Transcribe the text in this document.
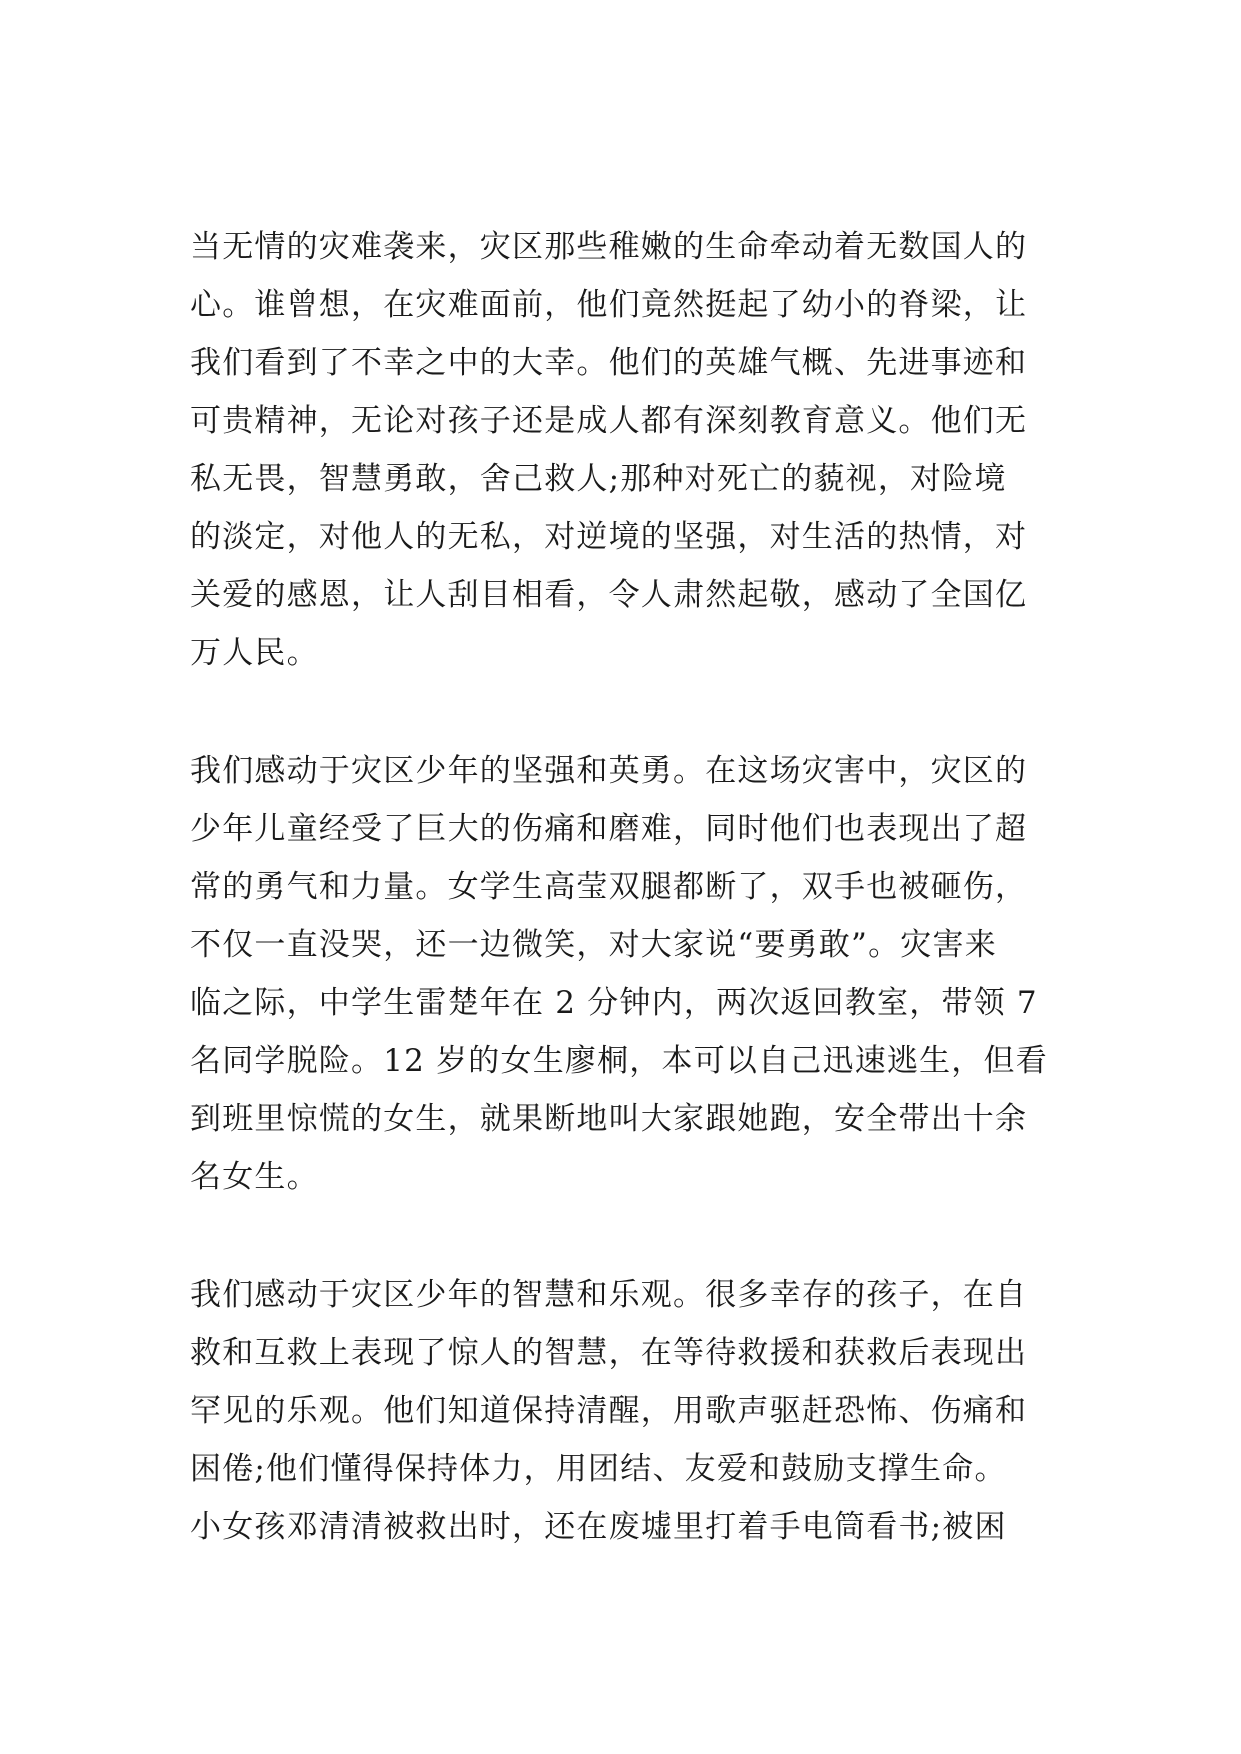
当无情的灾难袭来，灾区那些稚嫩的生命牵动着无数国人的
心。谁曾想，在灾难面前，他们竟然挺起了幼小的脊梁，让
我们看到了不幸之中的大幸。他们的英雄气概、先进事迹和
可贵精神，无论对孩子还是成人都有深刻教育意义。他们无
私无畏，智慧勇敢，舍己救人;那种对死亡的藐视，对险境
的淡定，对他人的无私，对逆境的坚强，对生活的热情，对
关爱的感恩，让人刮目相看，令人肃然起敬，感动了全国亿
万人民。
我们感动于灾区少年的坚强和英勇。在这场灾害中，灾区的
少年儿童经受了巨大的伤痛和磨难，同时他们也表现出了超
常的勇气和力量。女学生高莹双腿都断了，双手也被砸伤，
不仅一直没哭，还一边微笑，对大家说“要勇敢”。灾害来
临之际，中学生雷楚年在 2 分钟内，两次返回教室，带领 7
名同学脱险。12 岁的女生廖桐，本可以自己迅速逃生，但看
到班里惊慌的女生，就果断地叫大家跟她跑，安全带出十余
名女生。
我们感动于灾区少年的智慧和乐观。很多幸存的孩子，在自
救和互救上表现了惊人的智慧，在等待救援和获救后表现出
罕见的乐观。他们知道保持清醒，用歌声驱赶恐怖、伤痛和
困倦;他们懂得保持体力，用团结、友爱和鼓励支撑生命。
小女孩邓清清被救出时，还在废墟里打着手电筒看书;被困
